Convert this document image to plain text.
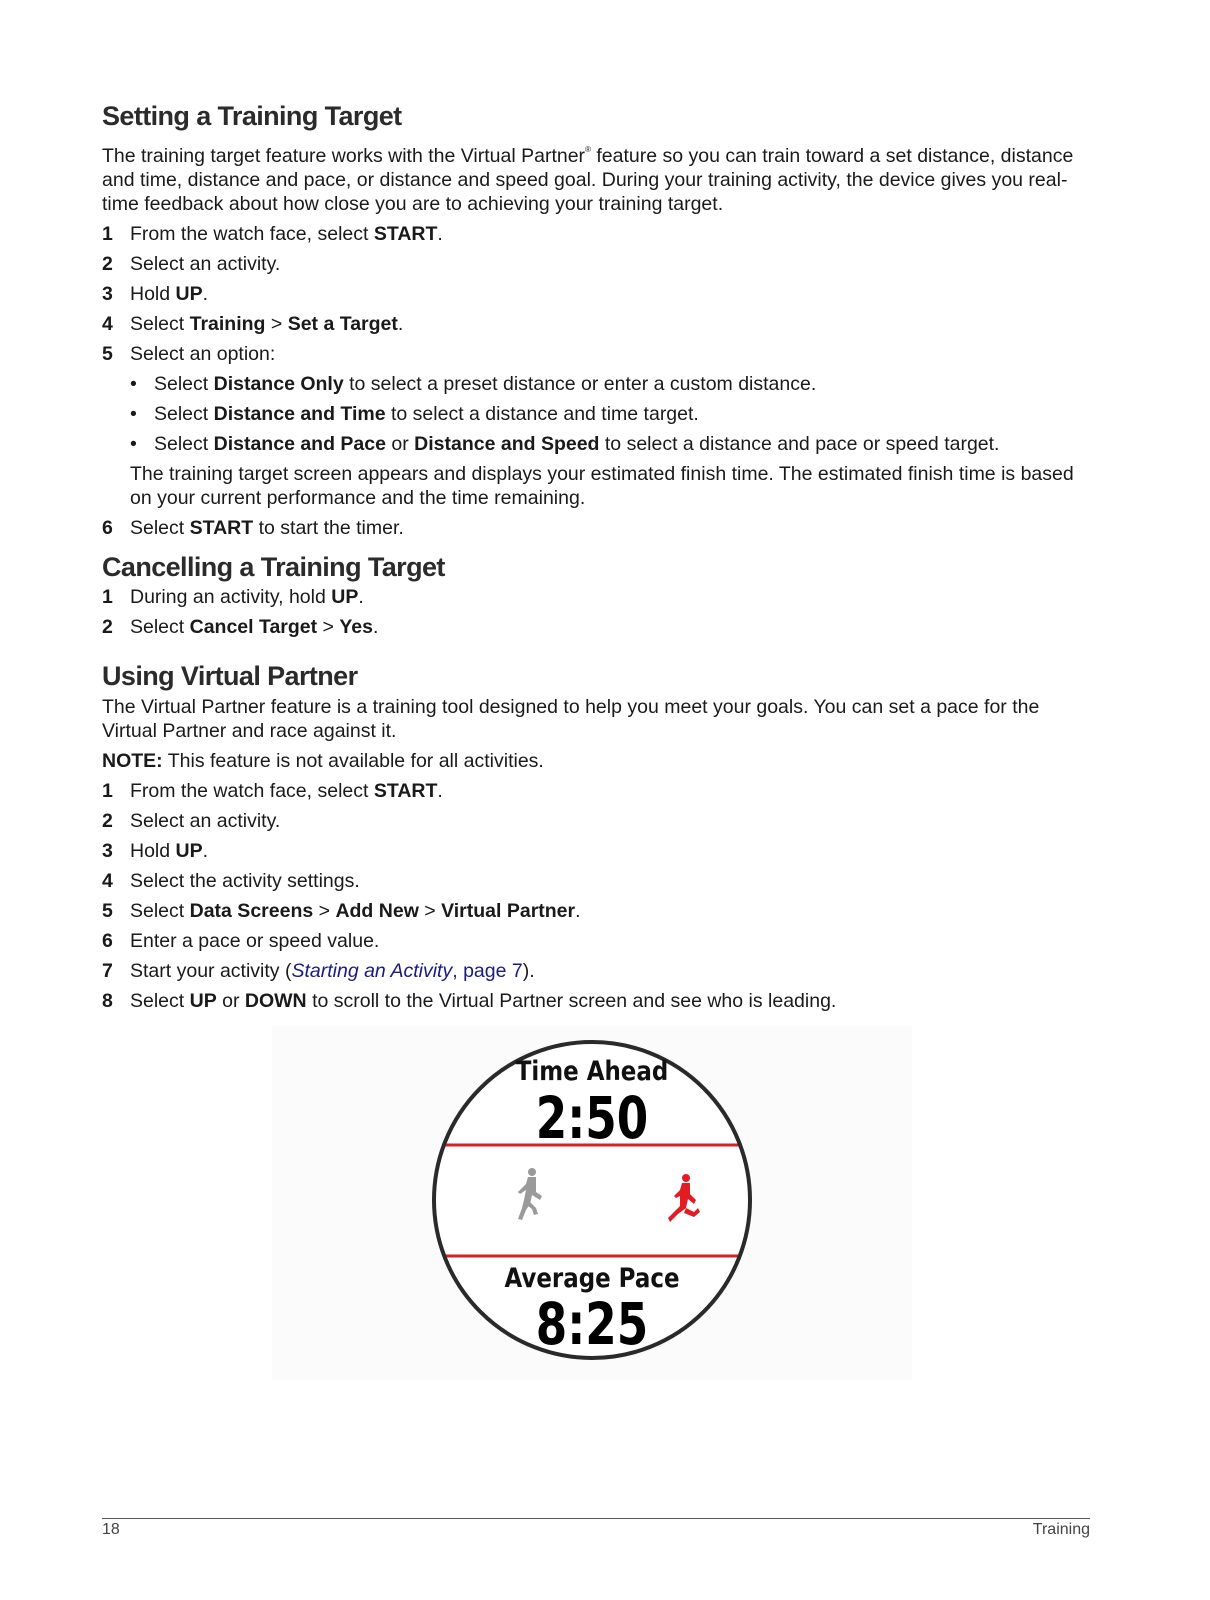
Setting a Training Target

The training target feature works with the Virtual Partner® feature so you can train toward a set distance, distance and time, distance and pace, or distance and speed goal. During your training activity, the device gives you real-time feedback about how close you are to achieving your training target.

1 From the watch face, select START.
2 Select an activity.
3 Hold UP.
4 Select Training > Set a Target.
5 Select an option:
• Select Distance Only to select a preset distance or enter a custom distance.
• Select Distance and Time to select a distance and time target.
• Select Distance and Pace or Distance and Speed to select a distance and pace or speed target.
The training target screen appears and displays your estimated finish time. The estimated finish time is based on your current performance and the time remaining.
6 Select START to start the timer.
Cancelling a Training Target
1 During an activity, hold UP.
2 Select Cancel Target > Yes.
Using Virtual Partner

The Virtual Partner feature is a training tool designed to help you meet your goals. You can set a pace for the Virtual Partner and race against it.

NOTE: This feature is not available for all activities.

1 From the watch face, select START.
2 Select an activity.
3 Hold UP.
4 Select the activity settings.
5 Select Data Screens > Add New > Virtual Partner.
6 Enter a pace or speed value.
7 Start your activity (Starting an Activity, page 7).
8 Select UP or DOWN to scroll to the Virtual Partner screen and see who is leading.
Time Ahead
2:50
Average Pace
8:25
18	Training
